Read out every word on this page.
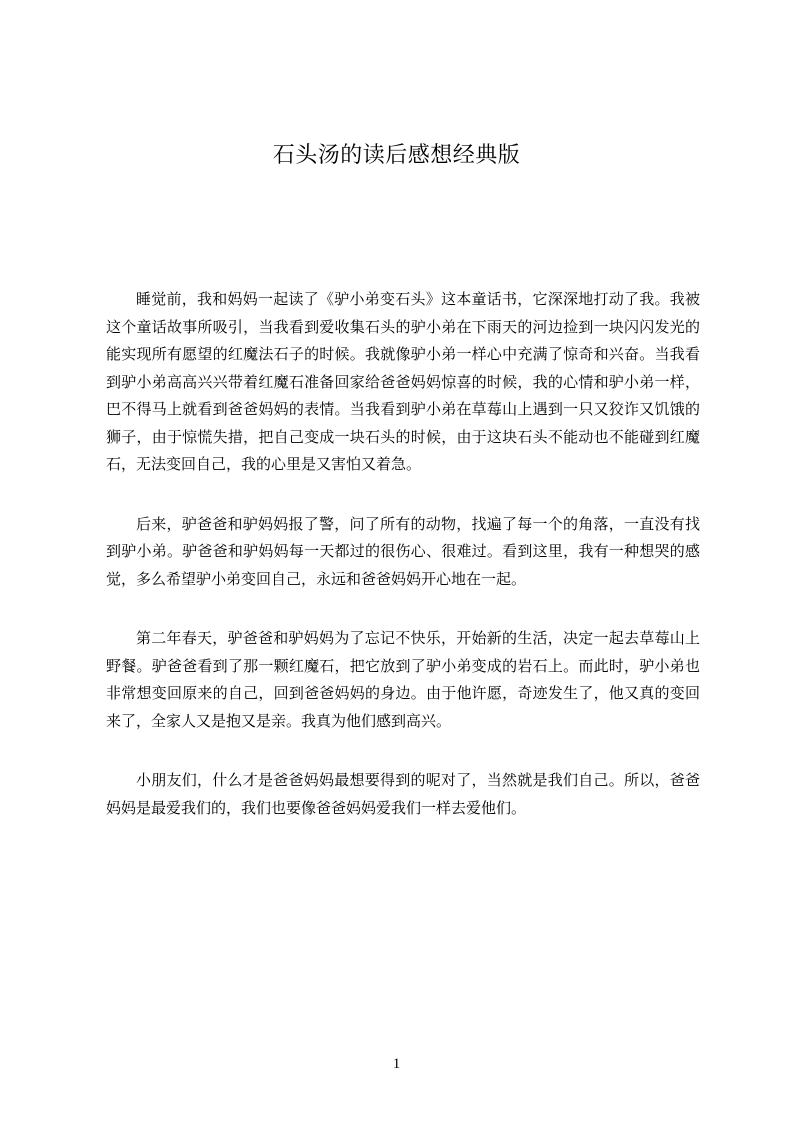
石头汤的读后感想经典版

睡觉前，我和妈妈一起读了《驴小弟变石头》这本童话书，它深深地打动了我。我被这个童话故事所吸引，当我看到爱收集石头的驴小弟在下雨天的河边捡到一块闪闪发光的能实现所有愿望的红魔法石子的时候。我就像驴小弟一样心中充满了惊奇和兴奋。当我看到驴小弟高高兴兴带着红魔石准备回家给爸爸妈妈惊喜的时候，我的心情和驴小弟一样，巴不得马上就看到爸爸妈妈的表情。当我看到驴小弟在草莓山上遇到一只又狡诈又饥饿的狮子，由于惊慌失措，把自己变成一块石头的时候，由于这块石头不能动也不能碰到红魔石，无法变回自己，我的心里是又害怕又着急。

后来，驴爸爸和驴妈妈报了警，问了所有的动物，找遍了每一个的角落，一直没有找到驴小弟。驴爸爸和驴妈妈每一天都过的很伤心、很难过。看到这里，我有一种想哭的感觉，多么希望驴小弟变回自己，永远和爸爸妈妈开心地在一起。

第二年春天，驴爸爸和驴妈妈为了忘记不快乐，开始新的生活，决定一起去草莓山上野餐。驴爸爸看到了那一颗红魔石，把它放到了驴小弟变成的岩石上。而此时，驴小弟也非常想变回原来的自己，回到爸爸妈妈的身边。由于他许愿，奇迹发生了，他又真的变回来了，全家人又是抱又是亲。我真为他们感到高兴。

小朋友们，什么才是爸爸妈妈最想要得到的呢对了，当然就是我们自己。所以，爸爸妈妈是最爱我们的，我们也要像爸爸妈妈爱我们一样去爱他们。

1
